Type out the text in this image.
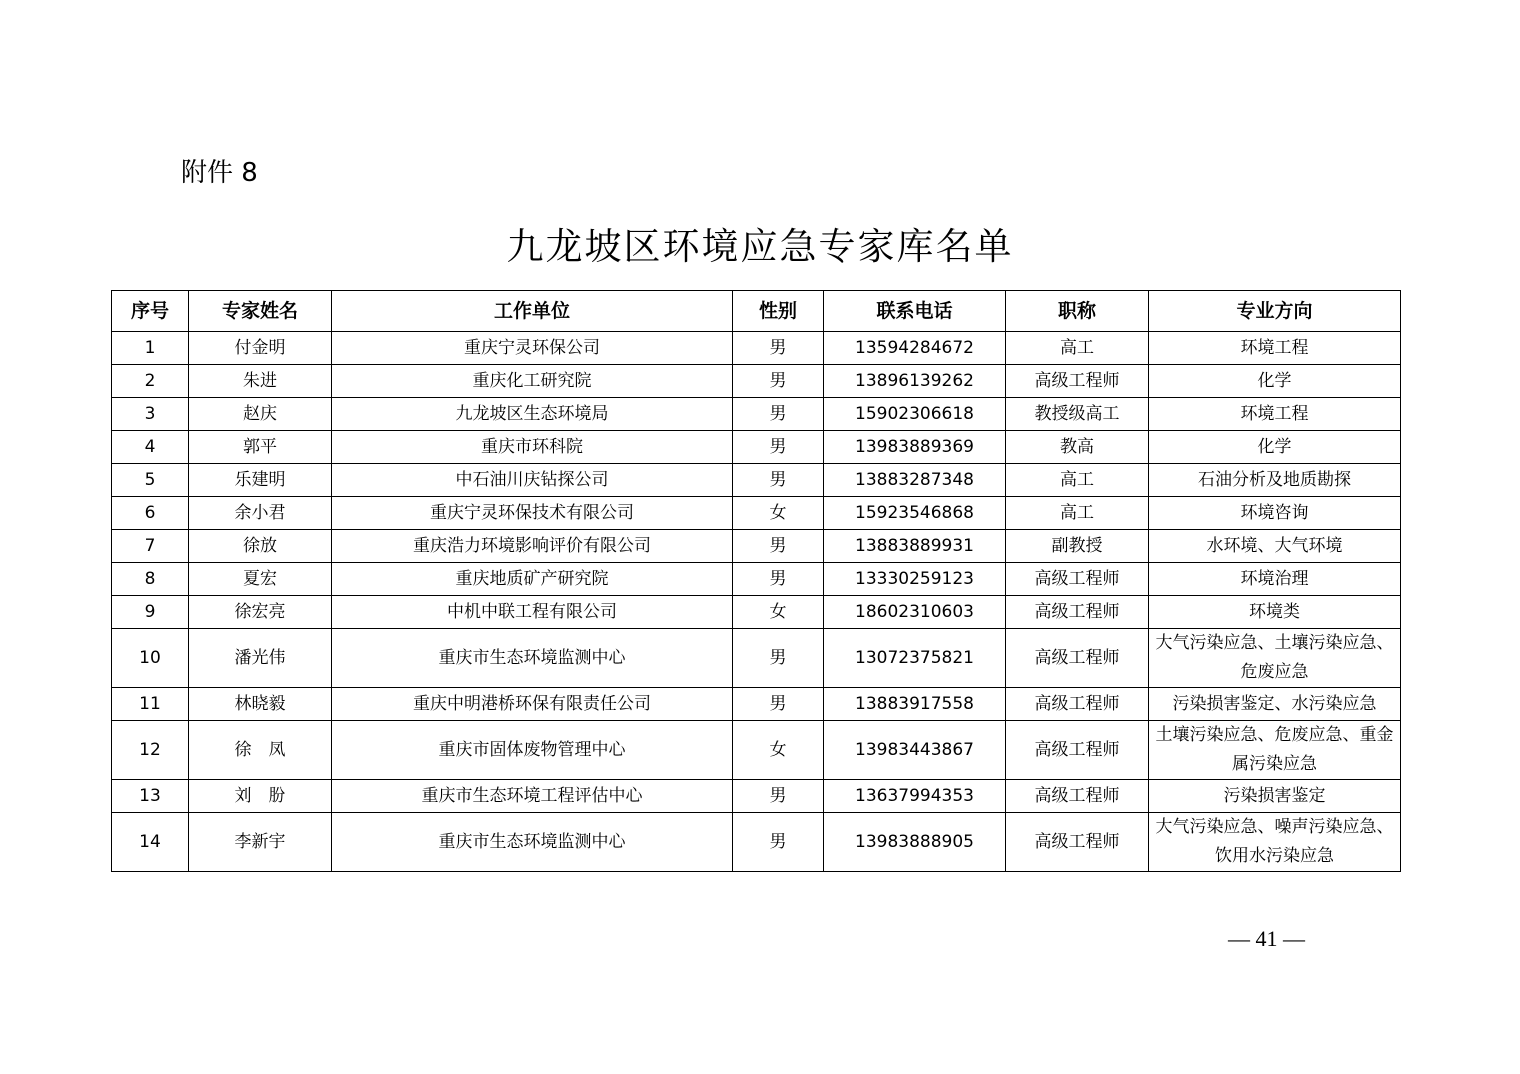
附件 8
九龙坡区环境应急专家库名单
序号	专家姓名	工作单位	性别	联系电话	职称	专业方向
1	付金明	重庆宁灵环保公司	男	13594284672	高工	环境工程
2	朱进	重庆化工研究院	男	13896139262	高级工程师	化学
3	赵庆	九龙坡区生态环境局	男	15902306618	教授级高工	环境工程
4	郭平	重庆市环科院	男	13983889369	教高	化学
5	乐建明	中石油川庆钻探公司	男	13883287348	高工	石油分析及地质勘探
6	余小君	重庆宁灵环保技术有限公司	女	15923546868	高工	环境咨询
7	徐放	重庆浩力环境影响评价有限公司	男	13883889931	副教授	水环境、大气环境
8	夏宏	重庆地质矿产研究院	男	13330259123	高级工程师	环境治理
9	徐宏亮	中机中联工程有限公司	女	18602310603	高级工程师	环境类
10	潘光伟	重庆市生态环境监测中心	男	13072375821	高级工程师	大气污染应急、土壤污染应急、危废应急
11	林晓毅	重庆中明港桥环保有限责任公司	男	13883917558	高级工程师	污染损害鉴定、水污染应急
12	徐　凤	重庆市固体废物管理中心	女	13983443867	高级工程师	土壤污染应急、危废应急、重金属污染应急
13	刘　朌	重庆市生态环境工程评估中心	男	13637994353	高级工程师	污染损害鉴定
14	李新宇	重庆市生态环境监测中心	男	13983888905	高级工程师	大气污染应急、噪声污染应急、饮用水污染应急
— 41 —
